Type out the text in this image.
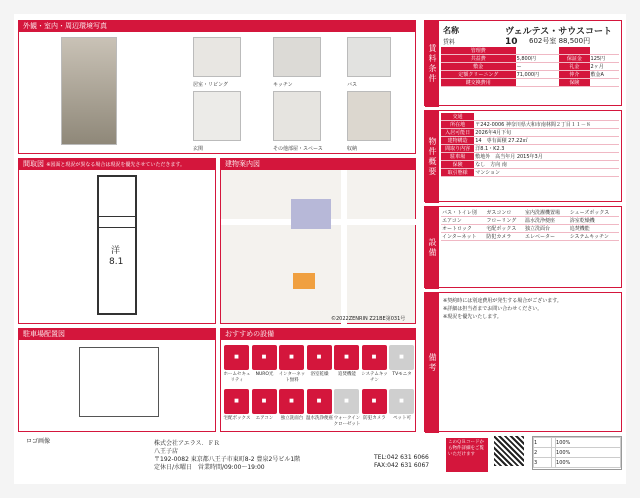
外観・室内・周辺環境写真
居室・リビング	キッチン	バス
玄関	その他部屋・スペース	収納
間取図 ※図面と現況が異なる場合は現況を優先させていただきます。
洋
8.1
建物案内図
©2022ZENRIN Z21BE第031号
駐車場配置図	おすすめの設備
■
ホームセキュリティ
■
NURO光
■
インターネット無料
■
浴室乾燥
■
追焚機能
■
システムキッチン
■
TVモニタ
■
宅配ボックス
■
エアコン
■
独立洗面台
■
温水洗浄便座
■
ウォークインクローゼット
■
防犯カメラ
■
ペット可
賃料条件
名称	ヴェルテス・サウスコート10
賃料	602号室 88,500円
管理費			
共益費	5,800円	保証金	125円
敷金	ー	礼金	2ヶ月
定額クリーニング	71,000円	仲介	敷金A
鍵交換費用		保険	
物件概要
交通	
所在地	〒242-0006 神奈川県大和市南林間２丁目１１－８
入居可能日	2026年4月下旬
建物構造	14　専有面積 27.22㎡
間取り内容	洋8.1・K2.3
駐車場	敷地外　高当年月 2015年3月
保険	なし　方向 南
取引態様	マンション
設備
バス・トイレ別	ガスコンロ	室内洗濯機置場	シューズボックス
エアコン	フローリング	温水洗浄便座	浴室乾燥機
オートロック	宅配ボックス	独立洗面台	追焚機能
インターネット	防犯カメラ	エレベーター	システムキッチン
備考
※契約時には別途費用が発生する場合がございます。
※詳細は担当者までお問い合わせください。
※現況を優先いたします。
ロゴ画像	株式会社アエラス．ＦＲ
八王子店
〒192-0082 東京都八王子市東町8-2 豊泉2号ビル1階
定休日/水曜日　営業時間/09:00～19:00
TEL:042 631 6066
FAX:042 631 6067
このＱＲコードから物件詳細をご覧いただけます
1		100%
2		100%
3		100%
